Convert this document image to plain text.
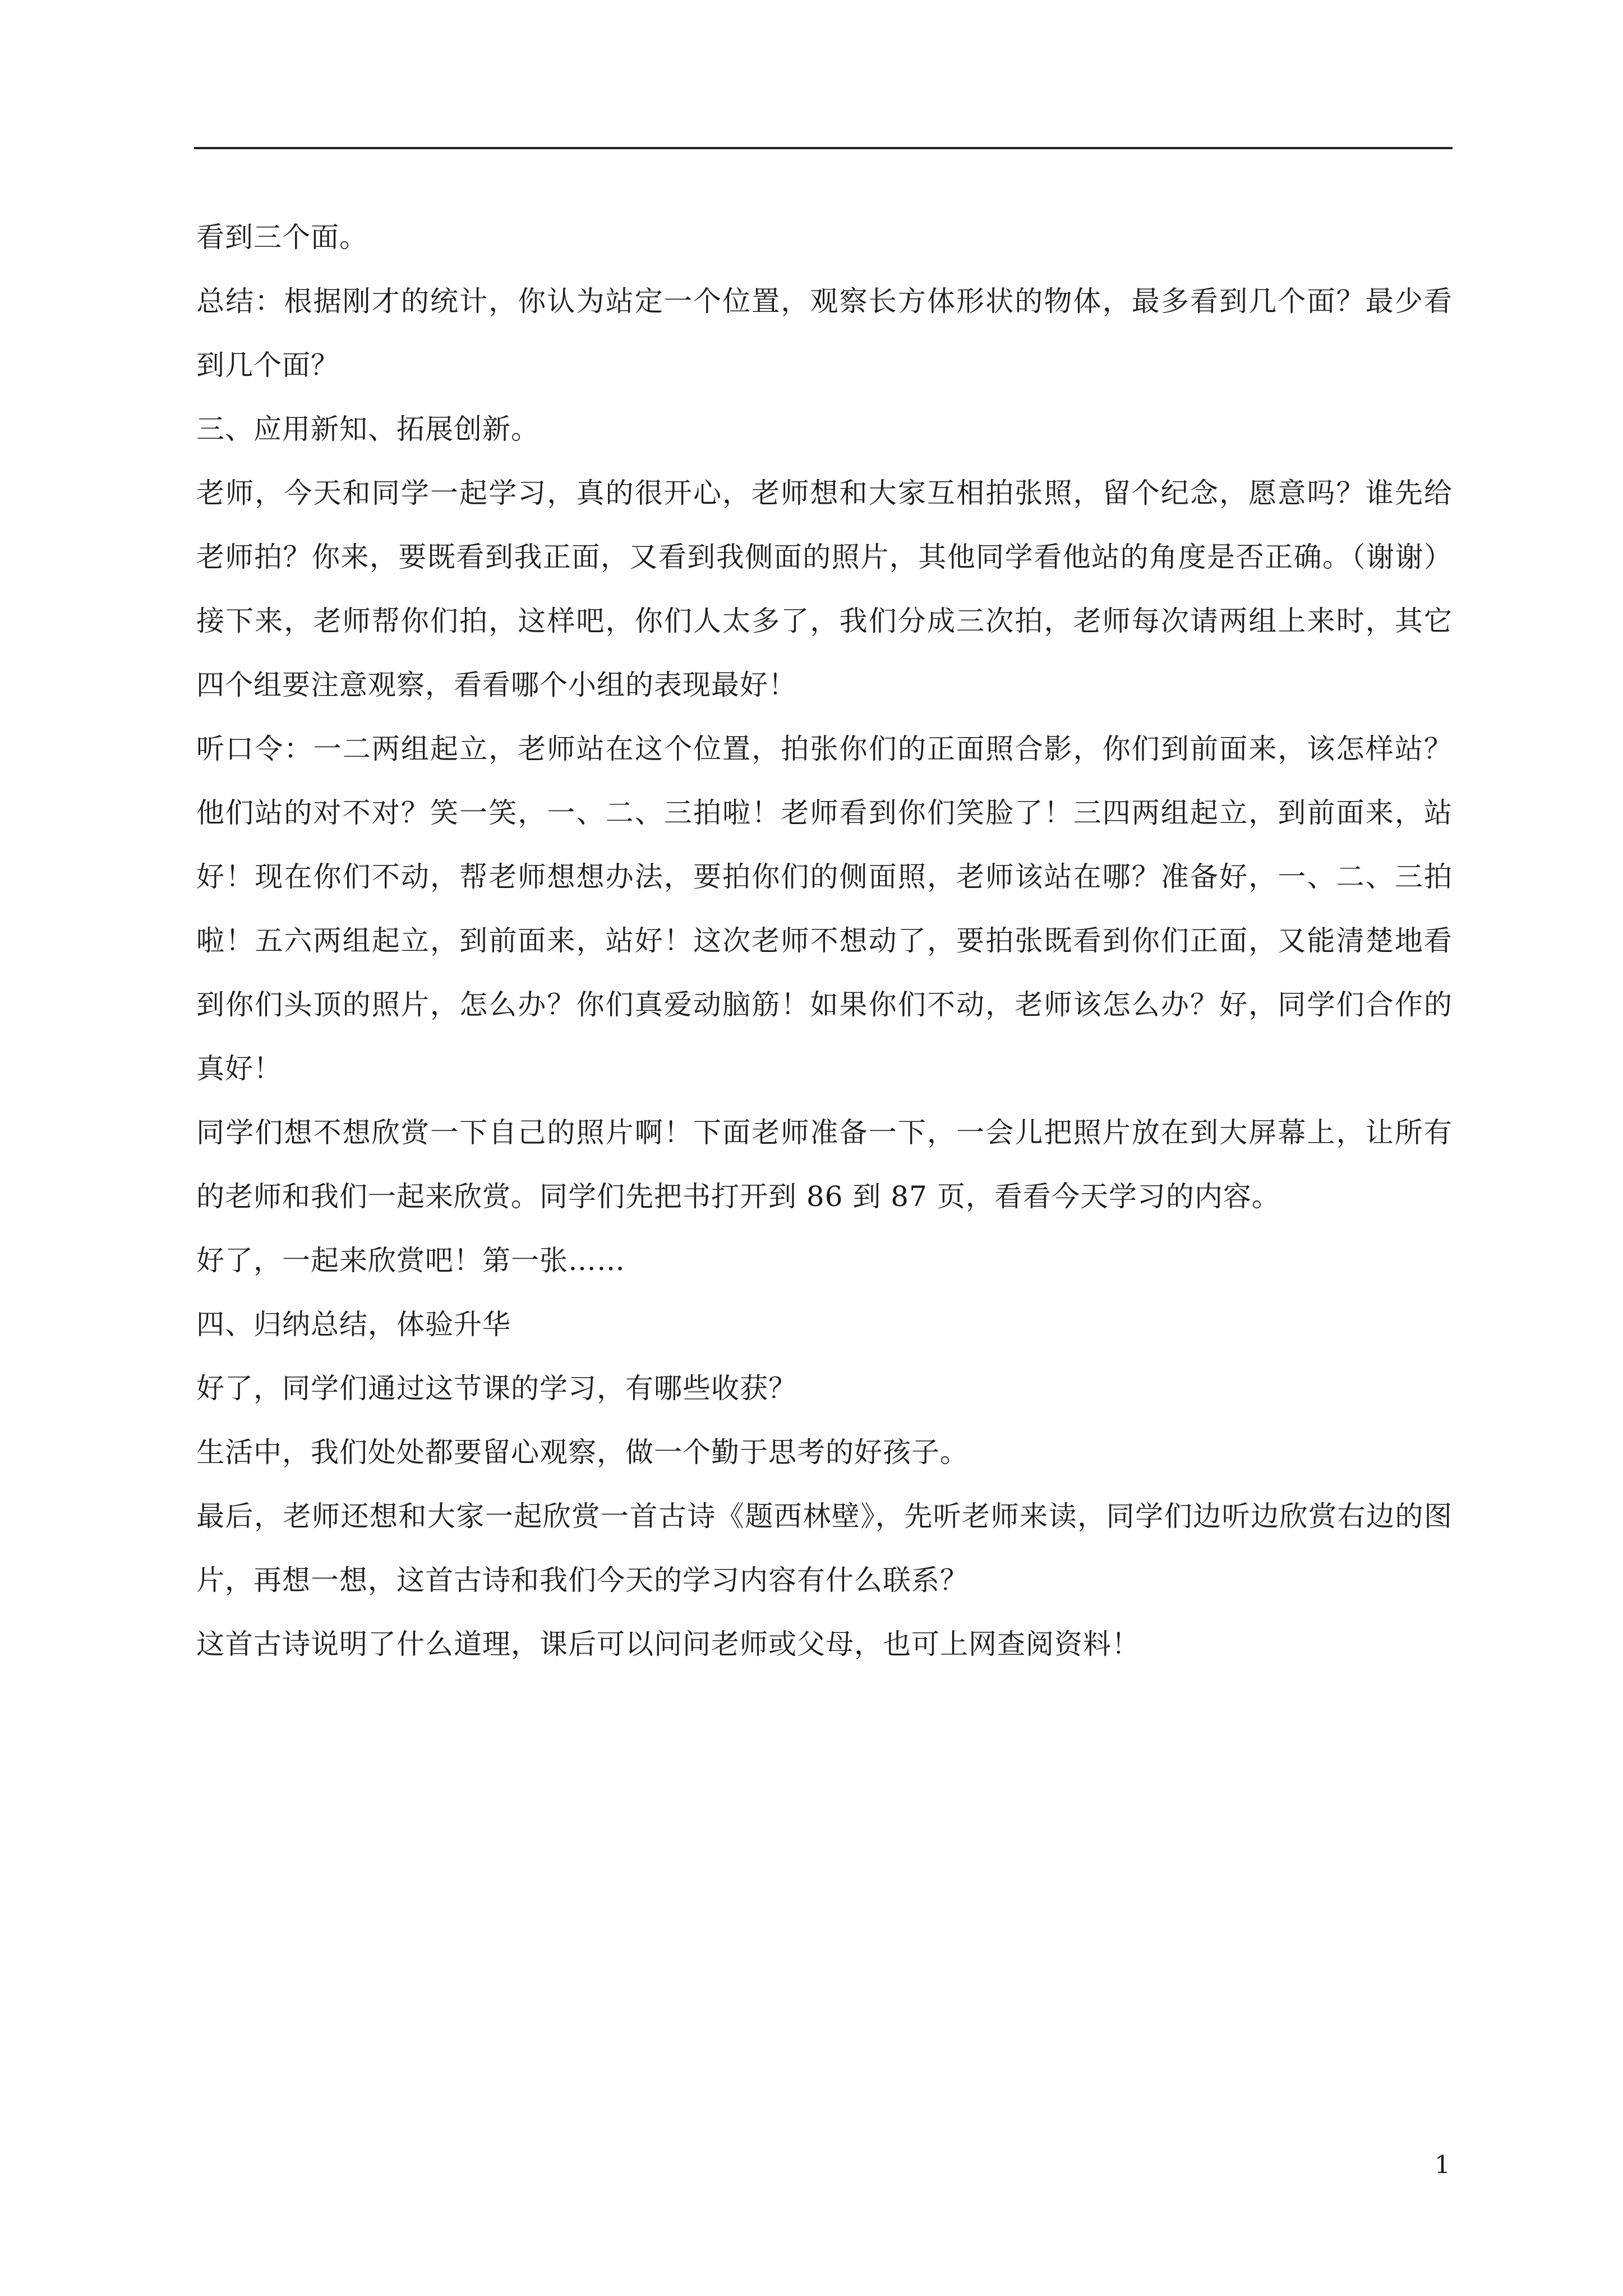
看到三个面。
总结：根据刚才的统计，你认为站定一个位置，观察长方体形状的物体，最多看到几个面？最少看
到几个面？
三、应用新知、拓展创新。
老师，今天和同学一起学习，真的很开心，老师想和大家互相拍张照，留个纪念，愿意吗？谁先给
老师拍？你来，要既看到我正面，又看到我侧面的照片，其他同学看他站的角度是否正确。（谢谢）
接下来，老师帮你们拍，这样吧，你们人太多了，我们分成三次拍，老师每次请两组上来时，其它
四个组要注意观察，看看哪个小组的表现最好！
听口令：一二两组起立，老师站在这个位置，拍张你们的正面照合影，你们到前面来，该怎样站？
他们站的对不对？笑一笑，一、二、三拍啦！老师看到你们笑脸了！三四两组起立，到前面来，站
好！现在你们不动，帮老师想想办法，要拍你们的侧面照，老师该站在哪？准备好，一、二、三拍
啦！五六两组起立，到前面来，站好！这次老师不想动了，要拍张既看到你们正面，又能清楚地看
到你们头顶的照片，怎么办？你们真爱动脑筋！如果你们不动，老师该怎么办？好，同学们合作的
真好！
同学们想不想欣赏一下自己的照片啊！下面老师准备一下，一会儿把照片放在到大屏幕上，让所有
的老师和我们一起来欣赏。同学们先把书打开到 86 到 87 页，看看今天学习的内容。
好了，一起来欣赏吧！第一张……
四、归纳总结，体验升华
好了，同学们通过这节课的学习，有哪些收获？
生活中，我们处处都要留心观察，做一个勤于思考的好孩子。
最后，老师还想和大家一起欣赏一首古诗《题西林壁》，先听老师来读，同学们边听边欣赏右边的图
片，再想一想，这首古诗和我们今天的学习内容有什么联系？
这首古诗说明了什么道理，课后可以问问老师或父母，也可上网查阅资料！
1
